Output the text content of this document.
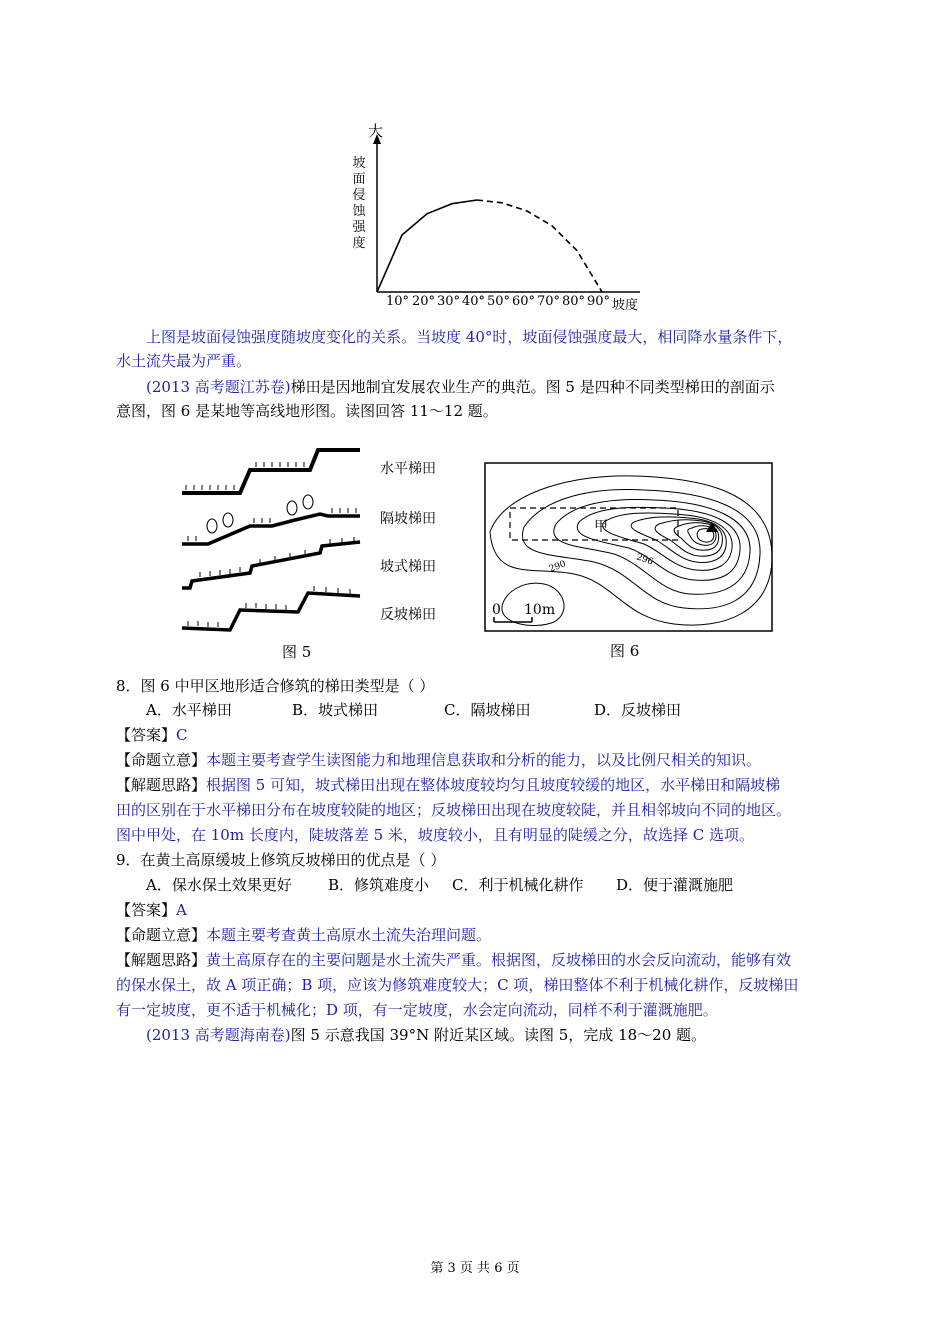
大
坡
面
侵
蚀
强
度
10° 20° 30° 40° 50° 60° 70° 80° 90° 坡度
上图是坡面侵蚀强度随坡度变化的关系。当坡度 40°时，坡面侵蚀强度最大，相同降水量条件下，
水土流失最为严重。
(2013 高考题江苏卷)梯田是因地制宜发展农业生产的典范。图 5 是四种不同类型梯田的剖面示
意图，图 6 是某地等高线地形图。读图回答 11～12 题。
水平梯田
隔坡梯田
坡式梯田
反坡梯田
图 5
甲
290	296
0 10m
图 6
8．图 6 中甲区地形适合修筑的梯田类型是（ ）
A．水平梯田	B．坡式梯田	C．隔坡梯田	D．反坡梯田
【答案】C
【命题立意】本题主要考查学生读图能力和地理信息获取和分析的能力，以及比例尺相关的知识。
【解题思路】根据图 5 可知，坡式梯田出现在整体坡度较均匀且坡度较缓的地区，水平梯田和隔坡梯
田的区别在于水平梯田分布在坡度较陡的地区；反坡梯田出现在坡度较陡，并且相邻坡向不同的地区。
图中甲处，在 10m 长度内，陡坡落差 5 米，坡度较小，且有明显的陡缓之分，故选择 C 选项。
9．在黄土高原缓坡上修筑反坡梯田的优点是（ ）
A．保水保土效果更好 B．修筑难度小 C．利于机械化耕作 D．便于灌溉施肥
【答案】A
【命题立意】本题主要考查黄土高原水土流失治理问题。
【解题思路】黄土高原存在的主要问题是水土流失严重。根据图，反坡梯田的水会反向流动，能够有效
的保水保土，故 A 项正确；B 项，应该为修筑难度较大；C 项，梯田整体不利于机械化耕作，反坡梯田
有一定坡度，更不适于机械化；D 项，有一定坡度，水会定向流动，同样不利于灌溉施肥。
(2013 高考题海南卷)图 5 示意我国 39°N 附近某区域。读图 5，完成 18～20 题。
第 3 页 共 6 页
